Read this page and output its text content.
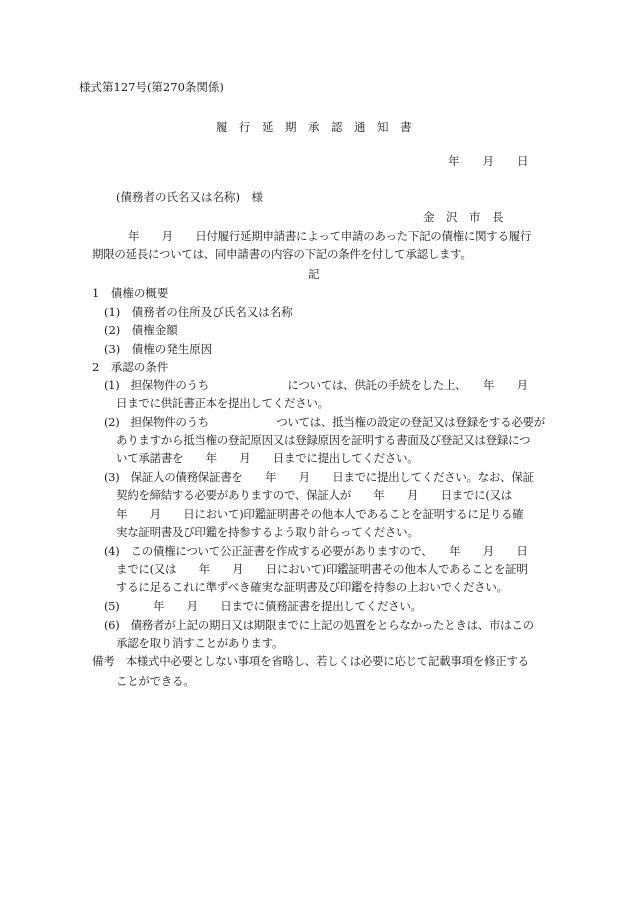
様式第127号(第270条関係)
履　行　延　期　承　認　通　知　書
年　　月　　日
(債務者の氏名又は名称)　様
金　沢　市　長
年　　月　　日付履行延期申請書によって申請のあった下記の債権に関する履行
期限の延長については、同申請書の内容の下記の条件を付して承認します。
記
1　債権の概要
(1)　債務者の住所及び氏名又は名称
(2)　債権金額
(3)　債権の発生原因
2　承認の条件
(1)　担保物件のうち　　　　　　　については、供託の手続をした上、　　年　　月
日までに供託書正本を提出してください。
(2)　担保物件のうち　　　　　　ついては、抵当権の設定の登記又は登録をする必要が
ありますから抵当権の登記原因又は登録原因を証明する書面及び登記又は登録につ
いて承諾書を　　年　　月　　日までに提出してください。
(3)　保証人の債務保証書を　　年　　月　　日までに提出してください。なお、保証
契約を締結する必要がありますので、保証人が　　年　　月　　日までに(又は
年　　月　　日において)印鑑証明書その他本人であることを証明するに足りる確
実な証明書及び印鑑を持参するよう取り計らってください。
(4)　この債権について公正証書を作成する必要がありますので、　　年　　月　　日
までに(又は　　年　　月　　日において)印鑑証明書その他本人であることを証明
するに足るこれに準ずべき確実な証明書及び印鑑を持参の上おいでください。
(5)　　　年　　月　　日までに債務証書を提出してください。
(6)　債務者が上記の期日又は期限までに上記の処置をとらなかったときは、市はこの
承認を取り消すことがあります。
備考　本様式中必要としない事項を省略し、若しくは必要に応じて記載事項を修正する
ことができる。
